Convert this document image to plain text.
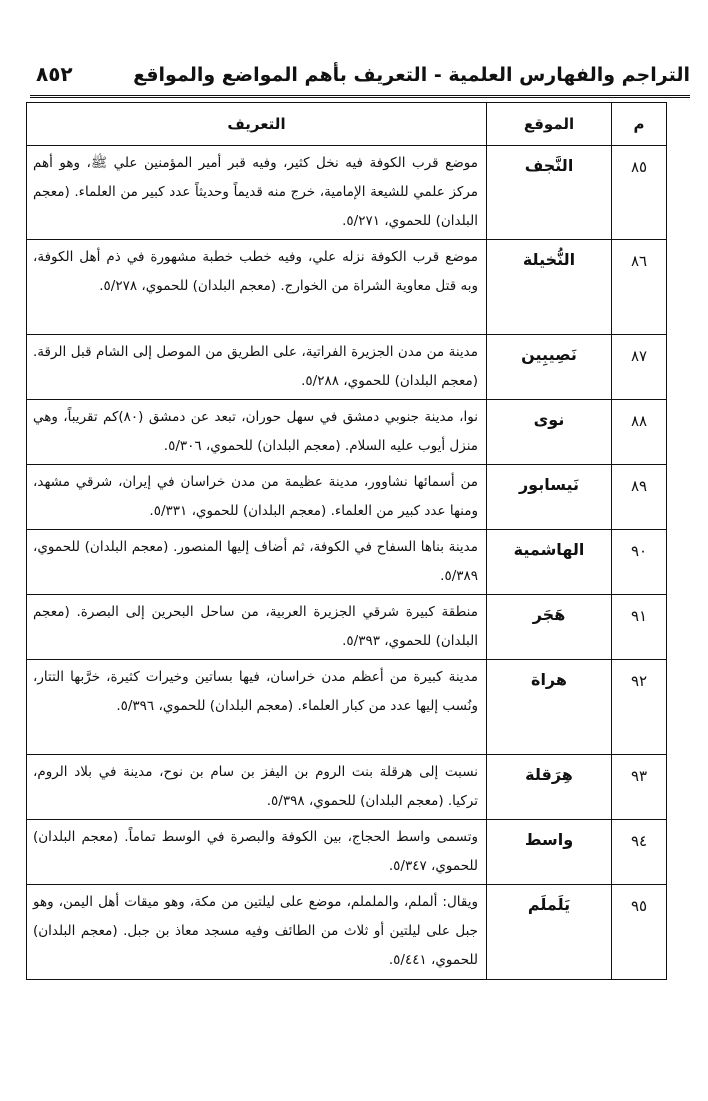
التراجم والفهارس العلمية - التعريف بأهم المواضع والمواقع
٨٥٢
م	الموقع	التعريف
٨٥	النَّجف	موضع قرب الكوفة فيه نخل كثير، وفيه قبر أمير المؤمنين علي ﷺ، وهو أهم مركز علمي للشيعة الإمامية، خرج منه قديماً وحديثاً عدد كبير من العلماء. (معجم البلدان) للحموي، ٥/٢٧١.
٨٦	النُّخيلة	موضع قرب الكوفة نزله علي، وفيه خطب خطبة مشهورة في ذم أهل الكوفة، وبه قتل معاوية الشراة من الخوارج. (معجم البلدان) للحموي، ٥/٢٧٨.
٨٧	نَصِيبِين	مدينة من مدن الجزيرة الفراتية، على الطريق من الموصل إلى الشام قبل الرقة. (معجم البلدان) للحموي، ٥/٢٨٨.
٨٨	نوى	نوا، مدينة جنوبي دمشق في سهل حوران، تبعد عن دمشق (٨٠)كم تقريباً، وهي منزل أيوب عليه السلام. (معجم البلدان) للحموي، ٥/٣٠٦.
٨٩	نَيسابور	من أسمائها نشاوور، مدينة عظيمة من مدن خراسان في إيران، شرقي مشهد، ومنها عدد كبير من العلماء. (معجم البلدان) للحموي، ٥/٣٣١.
٩٠	الهاشمية	مدينة بناها السفاح في الكوفة، ثم أضاف إليها المنصور. (معجم البلدان) للحموي، ٥/٣٨٩.
٩١	هَجَر	منطقة كبيرة شرقي الجزيرة العربية، من ساحل البحرين إلى البصرة. (معجم البلدان) للحموي، ٥/٣٩٣.
٩٢	هراة	مدينة كبيرة من أعظم مدن خراسان، فيها بساتين وخيرات كثيرة، خرَّبها التتار، ونُسب إليها عدد من كبار العلماء. (معجم البلدان) للحموي، ٥/٣٩٦.
٩٣	هِرَقلة	نسبت إلى هرقلة بنت الروم بن اليفز بن سام بن نوح، مدينة في بلاد الروم، تركيا. (معجم البلدان) للحموي، ٥/٣٩٨.
٩٤	واسط	وتسمى واسط الحجاج، بين الكوفة والبصرة في الوسط تماماً. (معجم البلدان) للحموي، ٥/٣٤٧.
٩٥	يَلَملَم	ويقال: ألملم، والململم، موضع على ليلتين من مكة، وهو ميقات أهل اليمن، وهو جبل على ليلتين أو ثلاث من الطائف وفيه مسجد معاذ بن جبل. (معجم البلدان) للحموي، ٥/٤٤١.
